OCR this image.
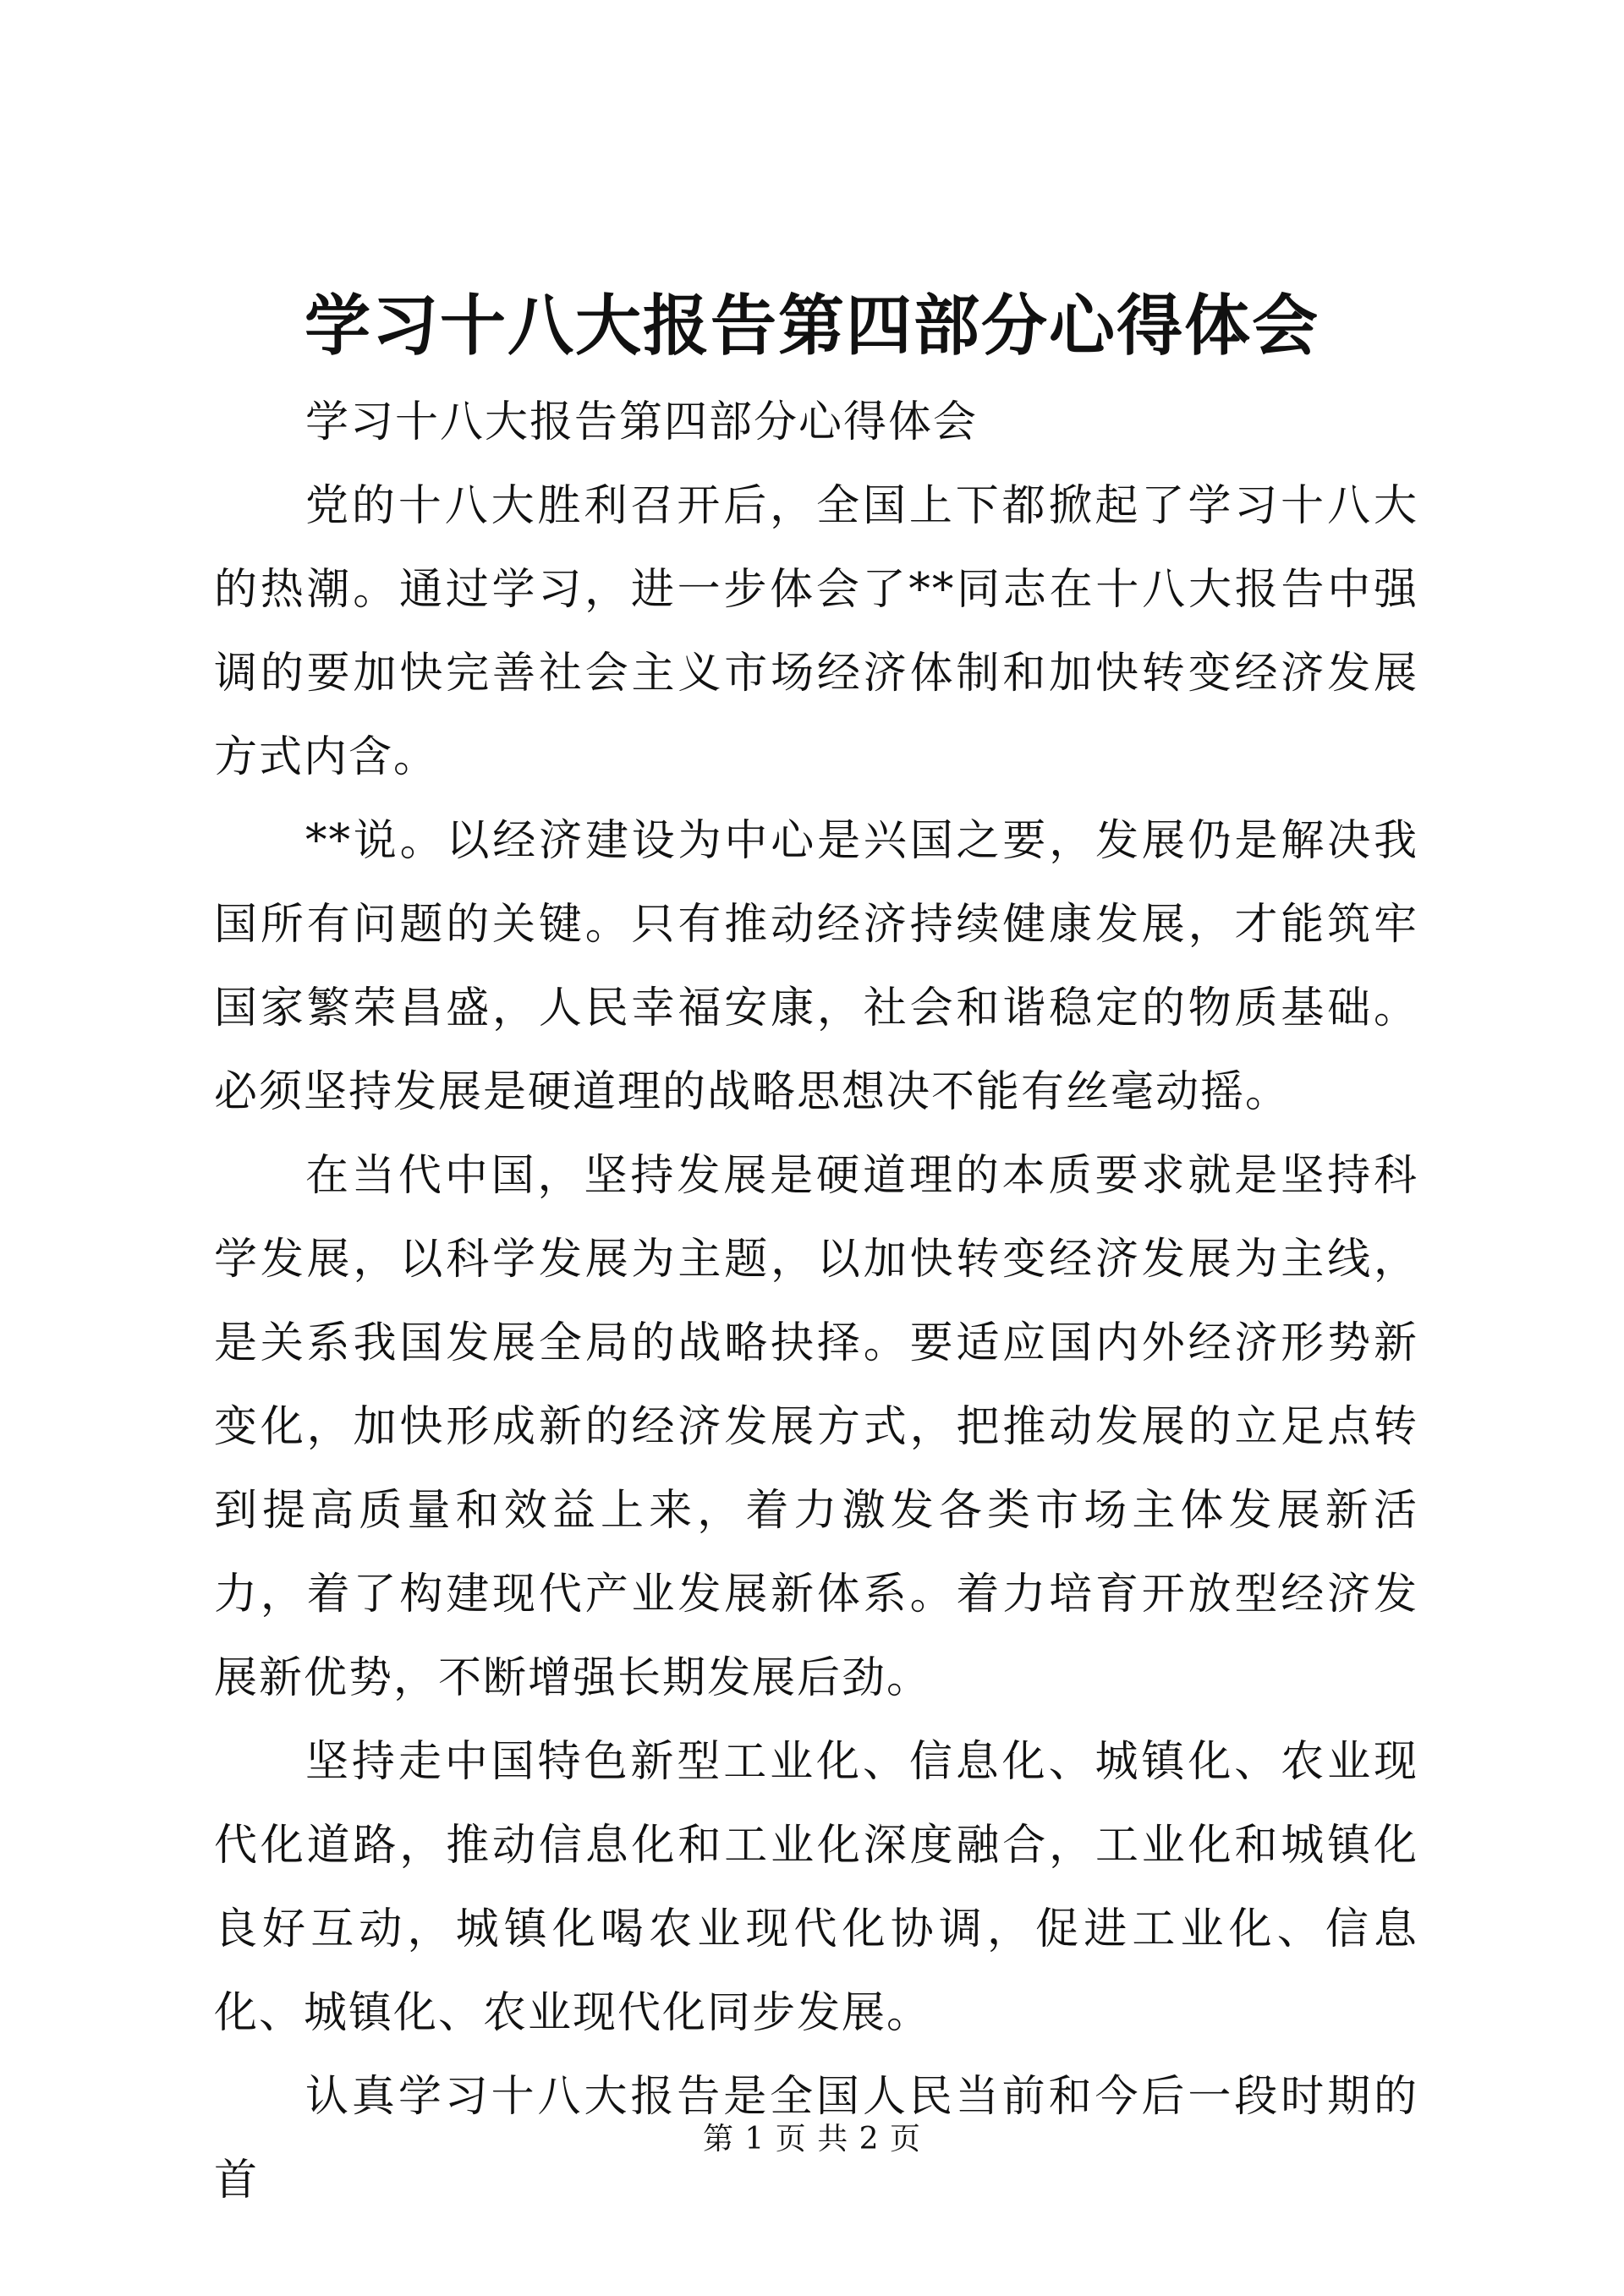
学习十八大报告第四部分心得体会

学习十八大报告第四部分心得体会

党的十八大胜利召开后，全国上下都掀起了学习十八大的热潮。通过学习，进一步体会了**同志在十八大报告中强调的要加快完善社会主义市场经济体制和加快转变经济发展方式内含。

**说。以经济建设为中心是兴国之要，发展仍是解决我国所有问题的关键。只有推动经济持续健康发展，才能筑牢国家繁荣昌盛，人民幸福安康，社会和谐稳定的物质基础。必须坚持发展是硬道理的战略思想决不能有丝毫动摇。

在当代中国，坚持发展是硬道理的本质要求就是坚持科学发展，以科学发展为主题，以加快转变经济发展为主线，是关系我国发展全局的战略抉择。要适应国内外经济形势新变化，加快形成新的经济发展方式，把推动发展的立足点转到提高质量和效益上来，着力激发各类市场主体发展新活力，着了构建现代产业发展新体系。着力培育开放型经济发展新优势，不断增强长期发展后劲。

坚持走中国特色新型工业化、信息化、城镇化、农业现代化道路，推动信息化和工业化深度融合，工业化和城镇化良好互动，城镇化喝农业现代化协调，促进工业化、信息化、城镇化、农业现代化同步发展。

认真学习十八大报告是全国人民当前和今后一段时期的首

第 1 页 共 2 页
